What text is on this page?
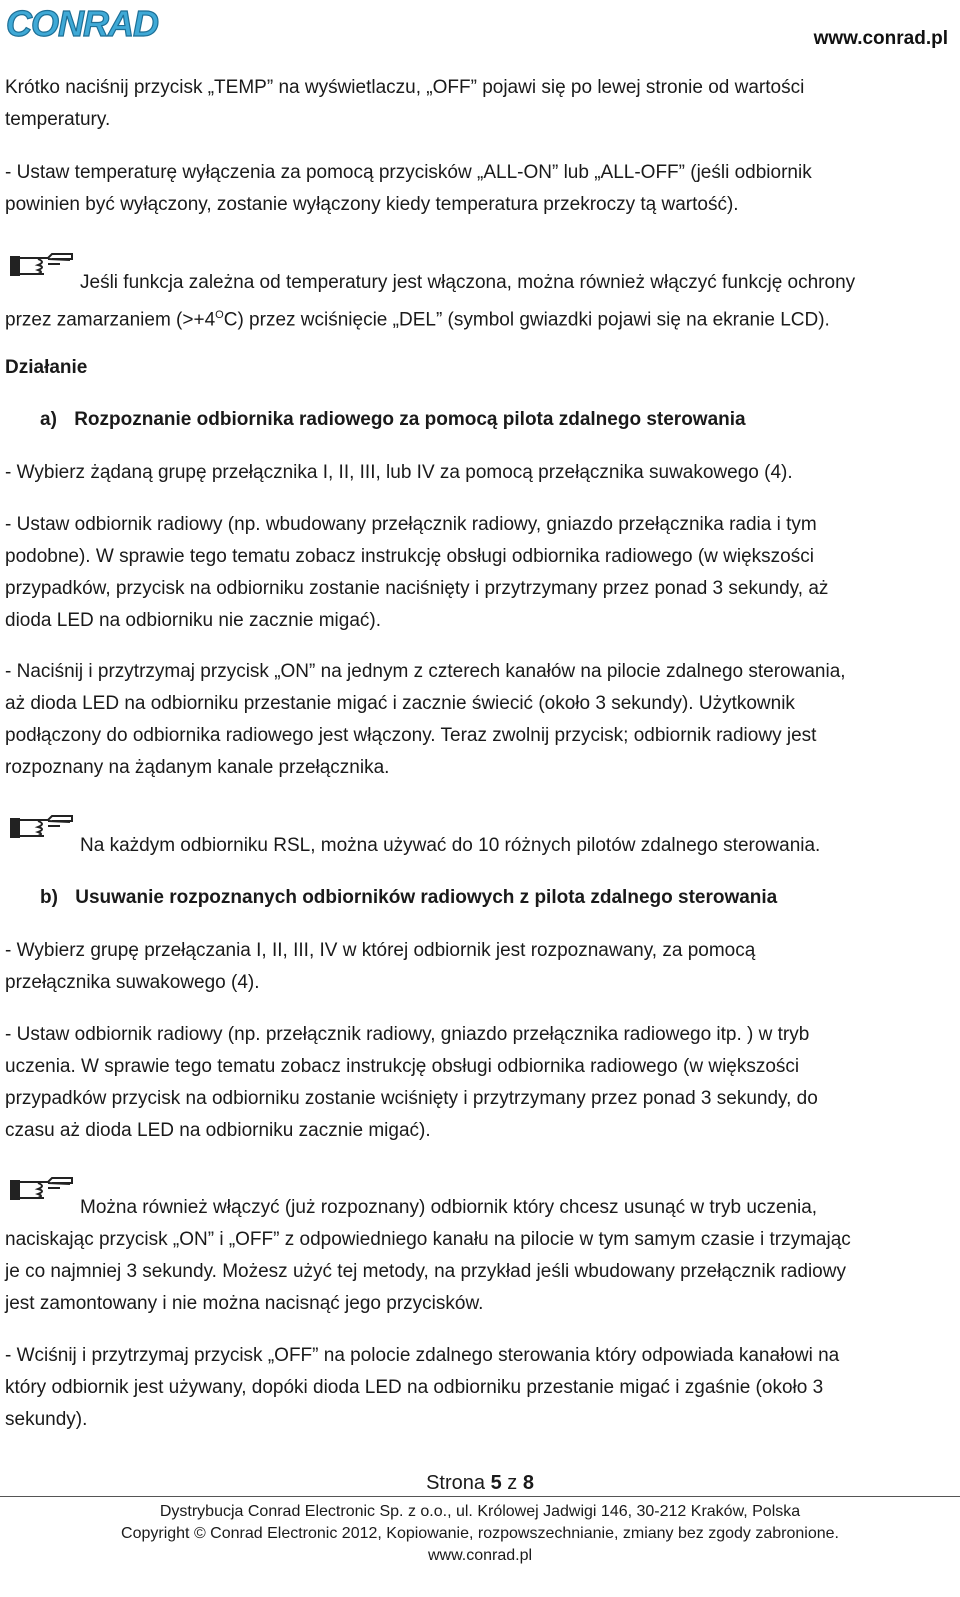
CONRAD	www.conrad.pl
Krótko naciśnij przycisk „TEMP” na wyświetlaczu, „OFF” pojawi się po lewej stronie od wartości
temperatury.
- Ustaw temperaturę wyłączenia za pomocą przycisków „ALL-ON” lub „ALL-OFF” (jeśli odbiornik
powinien być wyłączony, zostanie wyłączony kiedy temperatura przekroczy tą wartość).
Jeśli funkcja zależna od temperatury jest włączona, można również włączyć funkcję ochrony
przez zamarzaniem $(>+4^OC)$ przez wciśnięcie „DEL” (symbol gwiazdki pojawi się na ekranie LCD).
Działanie
a) Rozpoznanie odbiornika radiowego za pomocą pilota zdalnego sterowania
- Wybierz żądaną grupę przełącznika I, II, III, lub IV za pomocą przełącznika suwakowego (4).
- Ustaw odbiornik radiowy (np. wbudowany przełącznik radiowy, gniazdo przełącznika radia i tym
podobne). W sprawie tego tematu zobacz instrukcję obsługi odbiornika radiowego (w większości
przypadków, przycisk na odbiorniku zostanie naciśnięty i przytrzymany przez ponad 3 sekundy, aż
dioda LED na odbiorniku nie zacznie migać).
- Naciśnij i przytrzymaj przycisk „ON” na jednym z czterech kanałów na pilocie zdalnego sterowania,
aż dioda LED na odbiorniku przestanie migać i zacznie świecić (około 3 sekundy). Użytkownik
podłączony do odbiornika radiowego jest włączony. Teraz zwolnij przycisk; odbiornik radiowy jest
rozpoznany na żądanym kanale przełącznika.
Na każdym odbiorniku RSL, można używać do 10 różnych pilotów zdalnego sterowania.
b) Usuwanie rozpoznanych odbiorników radiowych z pilota zdalnego sterowania
- Wybierz grupę przełączania I, II, III, IV w której odbiornik jest rozpoznawany, za pomocą
przełącznika suwakowego (4).
- Ustaw odbiornik radiowy (np. przełącznik radiowy, gniazdo przełącznika radiowego itp. ) w tryb
uczenia. W sprawie tego tematu zobacz instrukcję obsługi odbiornika radiowego (w większości
przypadków przycisk na odbiorniku zostanie wciśnięty i przytrzymany przez ponad 3 sekundy, do
czasu aż dioda LED na odbiorniku zacznie migać).
Można również włączyć (już rozpoznany) odbiornik który chcesz usunąć w tryb uczenia,
naciskając przycisk „ON” i „OFF” z odpowiedniego kanału na pilocie w tym samym czasie i trzymając
je co najmniej 3 sekundy. Możesz użyć tej metody, na przykład jeśli wbudowany przełącznik radiowy
jest zamontowany i nie można nacisnąć jego przycisków.
- Wciśnij i przytrzymaj przycisk „OFF” na polocie zdalnego sterowania który odpowiada kanałowi na
który odbiornik jest używany, dopóki dioda LED na odbiorniku przestanie migać i zgaśnie (około 3
sekundy).
Strona 5 z 8
Dystrybucja Conrad Electronic Sp. z o.o., ul. Królowej Jadwigi 146, 30-212 Kraków, Polska
Copyright © Conrad Electronic 2012, Kopiowanie, rozpowszechnianie, zmiany bez zgody zabronione.
www.conrad.pl
